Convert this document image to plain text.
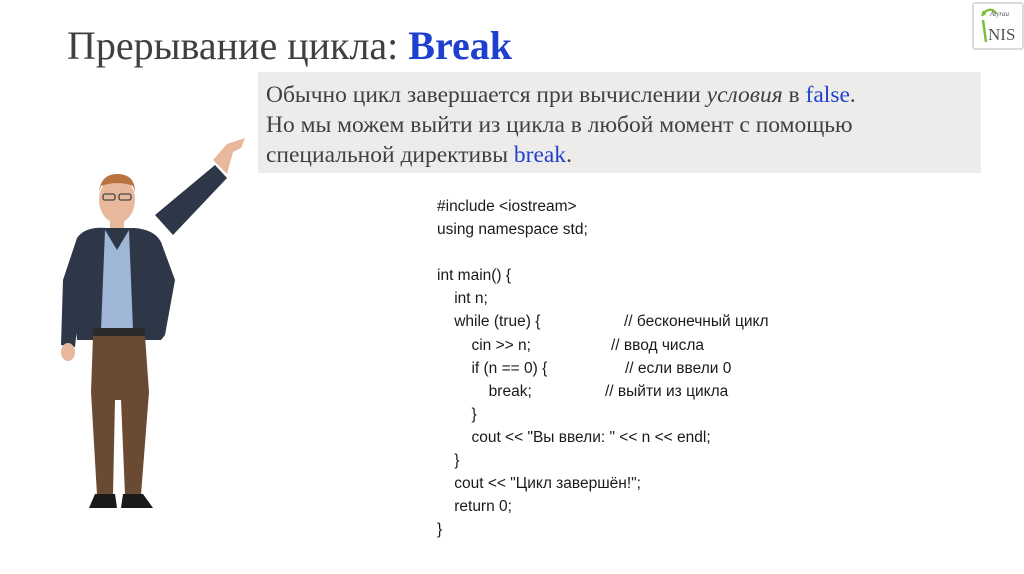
Прерывание цикла: Break
Atyrau
NIS

Обычно цикл завершается при вычислении условия в false.

Но мы можем выйти из цикла в любой момент с помощью

специальной директивы break.

#include <iostream>
using namespace std;
int main() {
int n;
while (true) {	// бесконечный цикл
cin >> n;	// ввод числа
if (n == 0) {	// если ввели 0
break;	// выйти из цикла
}
cout << "Вы ввели: " << n << endl;
}
cout << "Цикл завершён!";
return 0;
}
